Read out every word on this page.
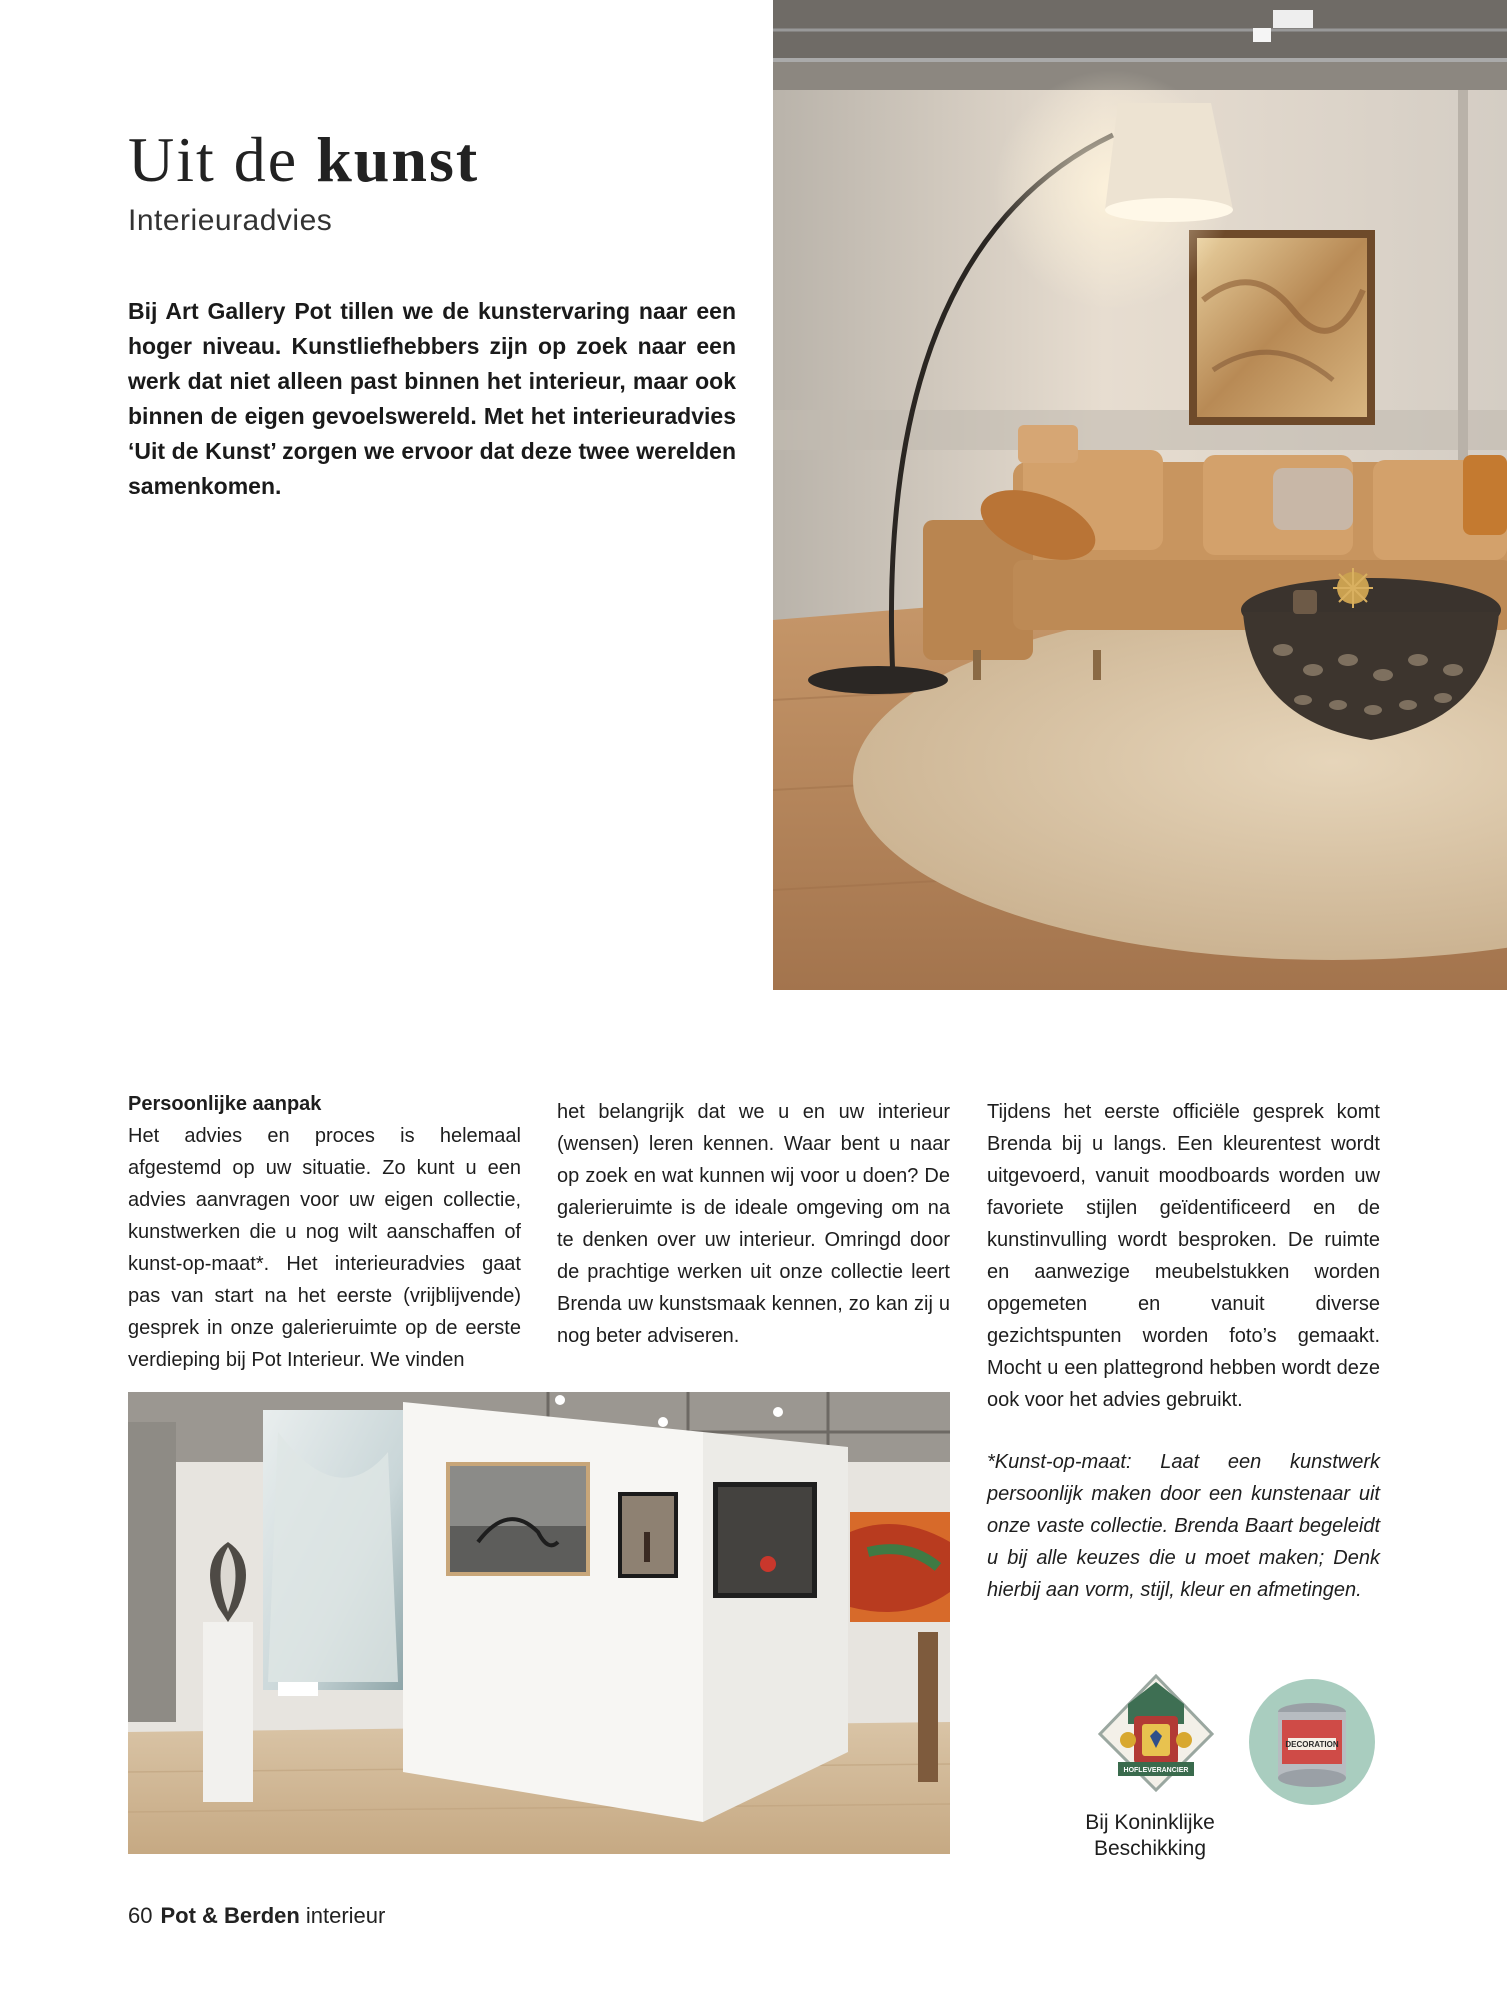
Uit de kunst
Interieuradvies

Bij Art Gallery Pot tillen we de kunstervaring naar een hoger niveau. Kunstliefhebbers zijn op zoek naar een werk dat niet alleen past binnen het interieur, maar ook binnen de eigen gevoelswereld. Met het interieuradvies ‘Uit de Kunst’ zorgen we ervoor dat deze twee werelden samenkomen.

Persoonlijke aanpak
Het advies en proces is helemaal afgestemd op uw situatie. Zo kunt u een advies aanvragen voor uw eigen collectie, kunstwerken die u nog wilt aanschaffen of kunst-op-maat*. Het interieuradvies gaat pas van start na het eerste (vrijblijvende) gesprek in onze galerieruimte op de eerste verdieping bij Pot Interieur. We vinden

het belangrijk dat we u en uw interieur (wensen) leren kennen. Waar bent u naar op zoek en wat kunnen wij voor u doen? De galerieruimte is de ideale omgeving om na te denken over uw interieur. Omringd door de prachtige werken uit onze collectie leert Brenda uw kunstsmaak kennen, zo kan zij u nog beter adviseren.

Tijdens het eerste officiële gesprek komt Brenda bij u langs. Een kleurentest wordt uitgevoerd, vanuit moodboards worden uw favoriete stijlen geïdentificeerd en de kunstinvulling wordt besproken. De ruimte en aanwezige meubelstukken worden opgemeten en vanuit diverse gezichtspunten worden foto’s gemaakt. Mocht u een plattegrond hebben wordt deze ook voor het advies gebruikt.

*Kunst-op-maat: Laat een kunstwerk persoonlijk maken door een kunstenaar uit onze vaste collectie. Brenda Baart begeleidt u bij alle keuzes die u moet maken; Denk hierbij aan vorm, stijl, kleur en afmetingen.

HOFLEVERANCIER
DECORATION
Bij Koninklijke
Beschikking
60 Pot & Berden interieur
